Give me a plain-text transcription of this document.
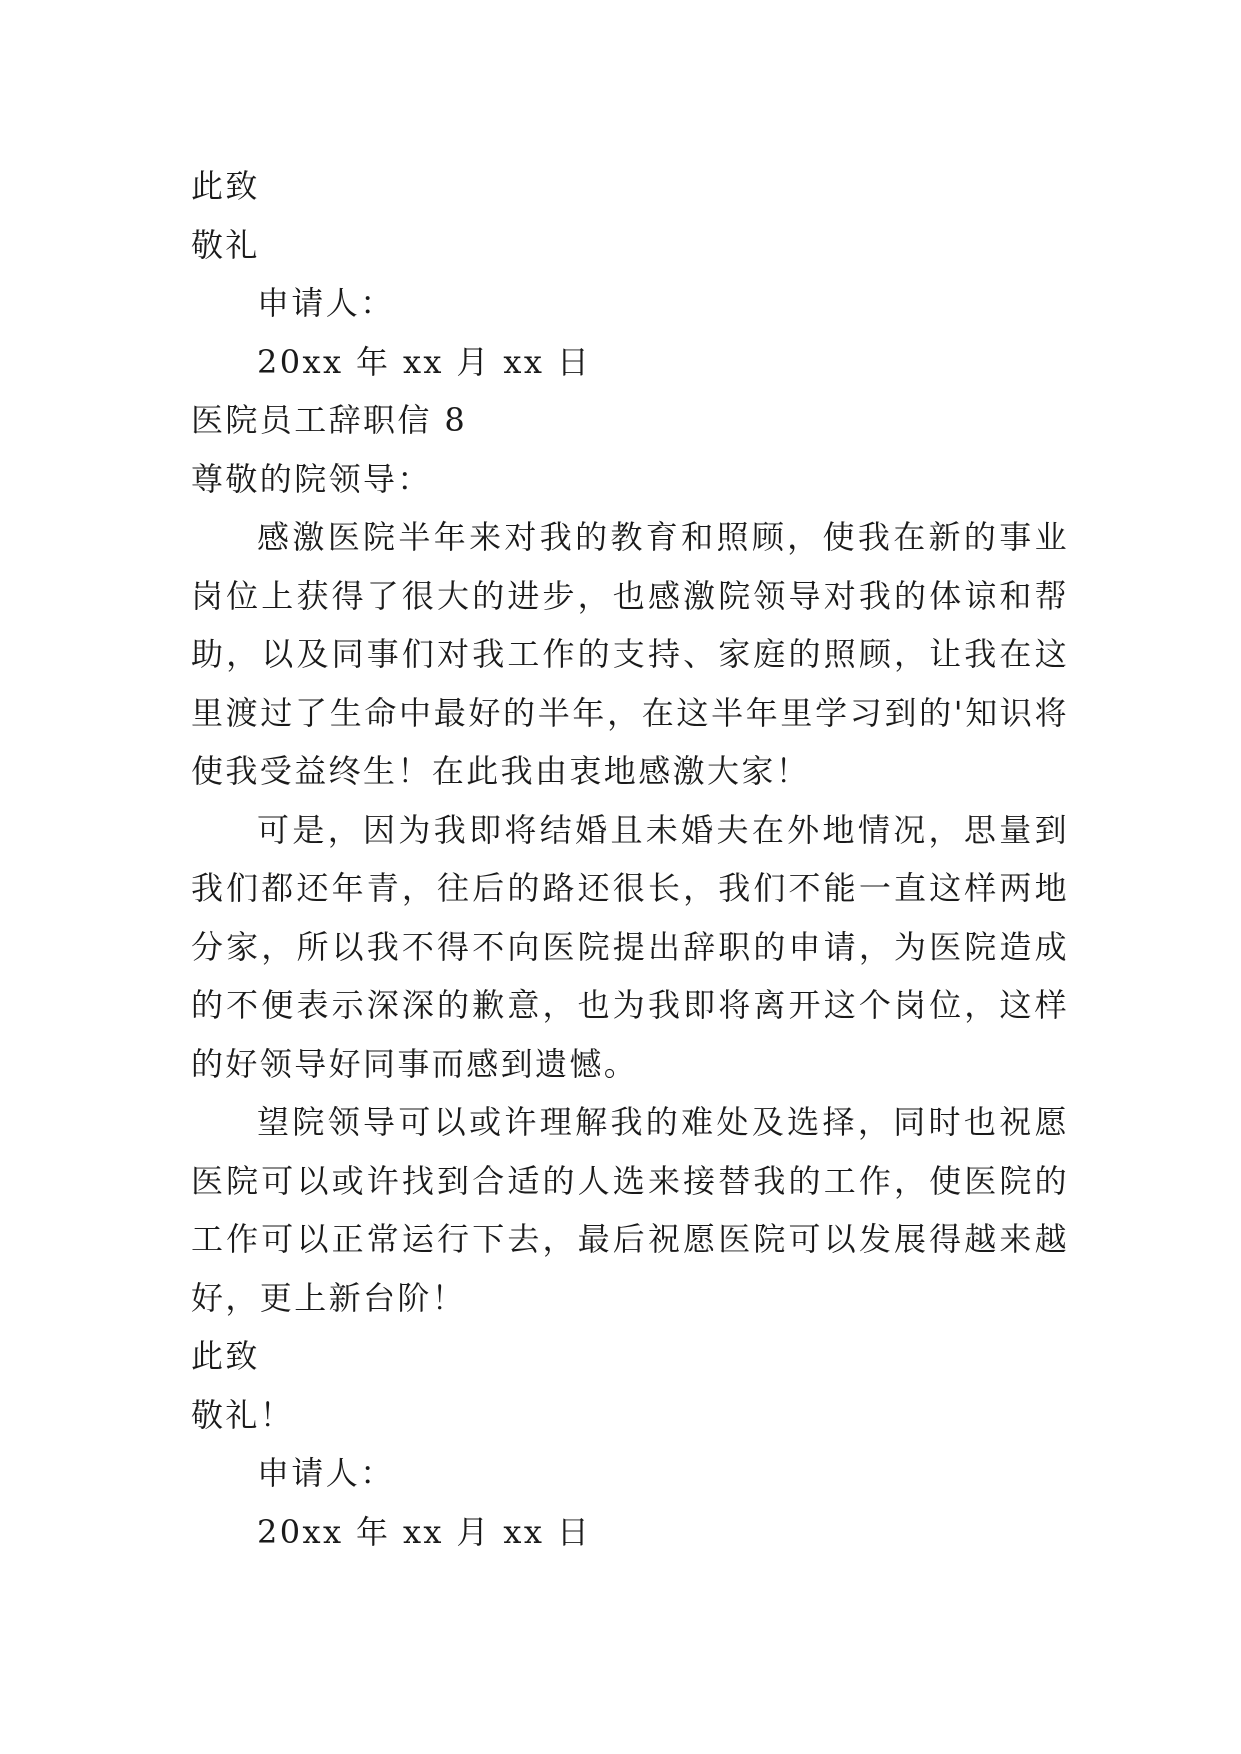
此致
敬礼
申请人：
20xx 年 xx 月 xx 日
医院员工辞职信 8
尊敬的院领导：
感激医院半年来对我的教育和照顾，使我在新的事业岗位上获得了很大的进步，也感激院领导对我的体谅和帮助，以及同事们对我工作的支持、家庭的照顾，让我在这里渡过了生命中最好的半年，在这半年里学习到的'知识将使我受益终生！在此我由衷地感激大家！
可是，因为我即将结婚且未婚夫在外地情况，思量到我们都还年青，往后的路还很长，我们不能一直这样两地分家，所以我不得不向医院提出辞职的申请，为医院造成的不便表示深深的歉意，也为我即将离开这个岗位，这样的好领导好同事而感到遗憾。
望院领导可以或许理解我的难处及选择，同时也祝愿医院可以或许找到合适的人选来接替我的工作，使医院的工作可以正常运行下去，最后祝愿医院可以发展得越来越好，更上新台阶！
此致
敬礼！
申请人：
20xx 年 xx 月 xx 日
